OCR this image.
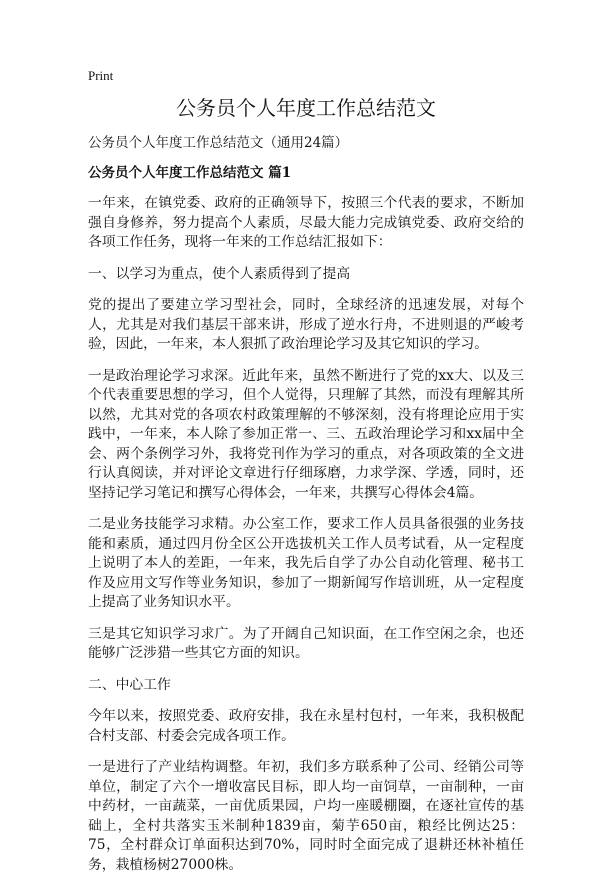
Print
公务员个人年度工作总结范文
公务员个人年度工作总结范文（通用24篇）
公务员个人年度工作总结范文 篇1

一年来，在镇党委、政府的正确领导下，按照三个代表的要求，不断加强自身修养，努力提高个人素质，尽最大能力完成镇党委、政府交给的各项工作任务，现将一年来的工作总结汇报如下：

一、以学习为重点，使个人素质得到了提高

党的提出了要建立学习型社会，同时，全球经济的迅速发展，对每个人，尤其是对我们基层干部来讲，形成了逆水行舟，不进则退的严峻考验，因此，一年来，本人狠抓了政治理论学习及其它知识的学习。

一是政治理论学习求深。近此年来，虽然不断进行了党的xx大、以及三个代表重要思想的学习，但个人觉得，只理解了其然，而没有理解其所以然，尤其对党的各项农村政策理解的不够深刻，没有将理论应用于实践中，一年来，本人除了参加正常一、三、五政治理论学习和xx届中全会、两个条例学习外，我将党刊作为学习的重点，对各项政策的全文进行认真阅读，并对评论文章进行仔细琢磨，力求学深、学透，同时，还坚持记学习笔记和撰写心得体会，一年来，共撰写心得体会4篇。

二是业务技能学习求精。办公室工作，要求工作人员具备很强的业务技能和素质，通过四月份全区公开选拔机关工作人员考试看，从一定程度上说明了本人的差距，一年来，我先后自学了办公自动化管理、秘书工作及应用文写作等业务知识，参加了一期新闻写作培训班，从一定程度上提高了业务知识水平。

三是其它知识学习求广。为了开阔自己知识面，在工作空闲之余，也还能够广泛涉猎一些其它方面的知识。

二、中心工作

今年以来，按照党委、政府安排，我在永星村包村，一年来，我积极配合村支部、村委会完成各项工作。

一是进行了产业结构调整。年初，我们多方联系种了公司、经销公司等单位，制定了六个一增收富民目标，即人均一亩饲草，一亩制种，一亩中药材，一亩蔬菜，一亩优质果园，户均一座暖棚圈，在逐社宣传的基础上，全村共落实玉米制种1839亩，菊芋650亩，粮经比例达25：75，全村群众订单面积达到70%，同时时全面完成了退耕还林补植任务，栽植杨树27000株。
